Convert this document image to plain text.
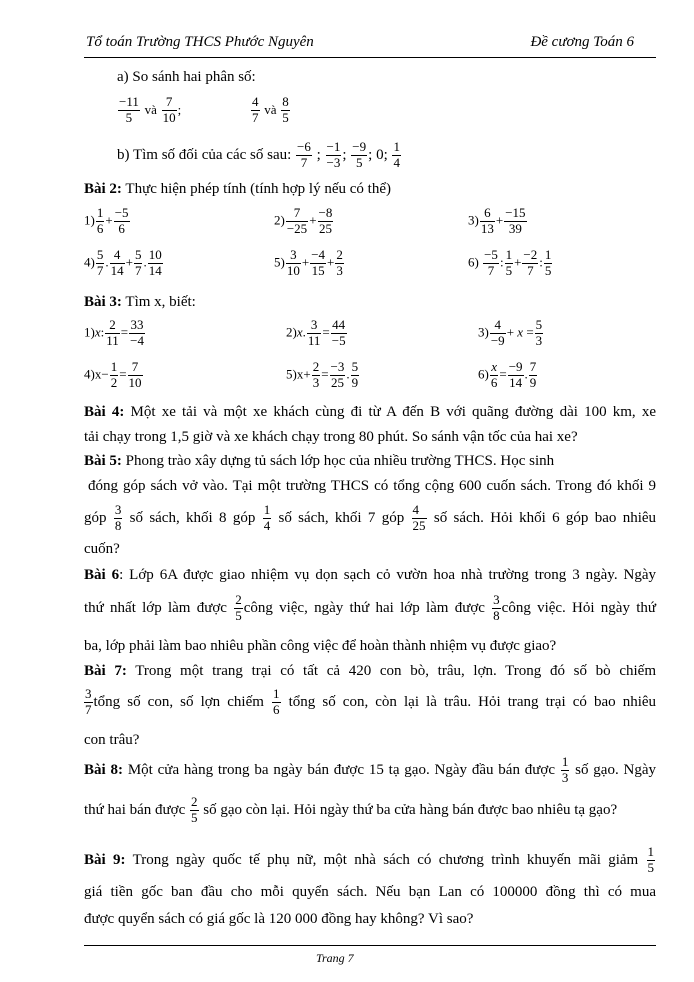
Tổ toán Trường THCS Phước Nguyên	Đề cương Toán 6
a) So sánh hai phân số:
$\frac{-11}{5}$ và $\frac{7}{10}$ ;	$\frac{4}{7}$ và $\frac{8}{5}$
b) Tìm số đối của các số sau: $\frac{-6}{7}$ ; $\frac{-1}{-3}$ ; $\frac{-9}{5}$ ; 0; $\frac{1}{4}$
Bài 2: Thực hiện phép tính (tính hợp lý nếu có thể)
$1) \frac{1}{6} + \frac{-5}{6}$	$2) \frac{7}{-25} + \frac{-8}{25}$	$3) \frac{6}{13} + \frac{-15}{39}$
$4) \frac{5}{7}$ . $\frac{4}{14} + \frac{5}{7}$ . $\frac{10}{14}$	$5) \frac{3}{10} + \frac{-4}{15} + \frac{2}{3}$	$6) \frac{-5}{7}$ : $\frac{1}{5} + \frac{-2}{7}$ : $\frac{1}{5}$
Bài 3: Tìm x, biết:
1)x: $\frac{2}{11} = \frac{33}{-4}$	2)x. $\frac{3}{11} = \frac{44}{-5}$	$3) \frac{4}{-9} + x = \frac{5}{3}$
$4)x- \frac{1}{2} = \frac{7}{10}$	$5)x+ \frac{2}{3} = \frac{-3}{25}$ . $\frac{5}{9}$	$6) \frac{x}{6} = \frac{-9}{14}$ . $\frac{7}{9}$
Bài 4: Một xe tải và một xe khách cùng đi từ A đến B với quãng đường dài 100 km, xe
tải chạy trong 1,5 giờ và xe khách chạy trong 80 phút. So sánh vận tốc của hai xe?
Bài 5: Phong trào xây dựng tủ sách lớp học của nhiều trường THCS. Học sinh
đóng góp sách vở vào. Tại một trường THCS có tổng cộng 600 cuốn sách. Trong đó khối 9
góp $\frac{3}{8}$ số sách, khối 8 góp $\frac{1}{4}$ số sách, khối 7 góp $\frac{4}{25}$ số sách. Hỏi khối 6 góp bao nhiêu
cuốn?
Bài 6: Lớp 6A được giao nhiệm vụ dọn sạch cỏ vườn hoa nhà trường trong 3 ngày. Ngày
thứ nhất lớp làm được $\frac{2}{5}$ công việc, ngày thứ hai lớp làm được $\frac{3}{8}$ công việc. Hỏi ngày thứ
ba, lớp phải làm bao nhiêu phần công việc để hoàn thành nhiệm vụ được giao?
Bài 7: Trong một trang trại có tất cả 420 con bò, trâu, lợn. Trong đó số bò chiếm
$\frac{3}{7}$ tổng số con, số lợn chiếm $\frac{1}{6}$ tổng số con, còn lại là trâu. Hỏi trang trại có bao nhiêu
con trâu?
Bài 8: Một cửa hàng trong ba ngày bán được 15 tạ gạo. Ngày đầu bán được $\frac{1}{3}$ số gạo. Ngày
thứ hai bán được $\frac{2}{5}$ số gạo còn lại. Hỏi ngày thứ ba cửa hàng bán được bao nhiêu tạ gạo?
Bài 9: Trong ngày quốc tế phụ nữ, một nhà sách có chương trình khuyến mãi giảm $\frac{1}{5}$
giá tiền gốc ban đầu cho mỗi quyển sách. Nếu bạn Lan có 100000 đồng thì có mua
được quyển sách có giá gốc là 120 000 đồng hay không? Vì sao?
Trang 7
